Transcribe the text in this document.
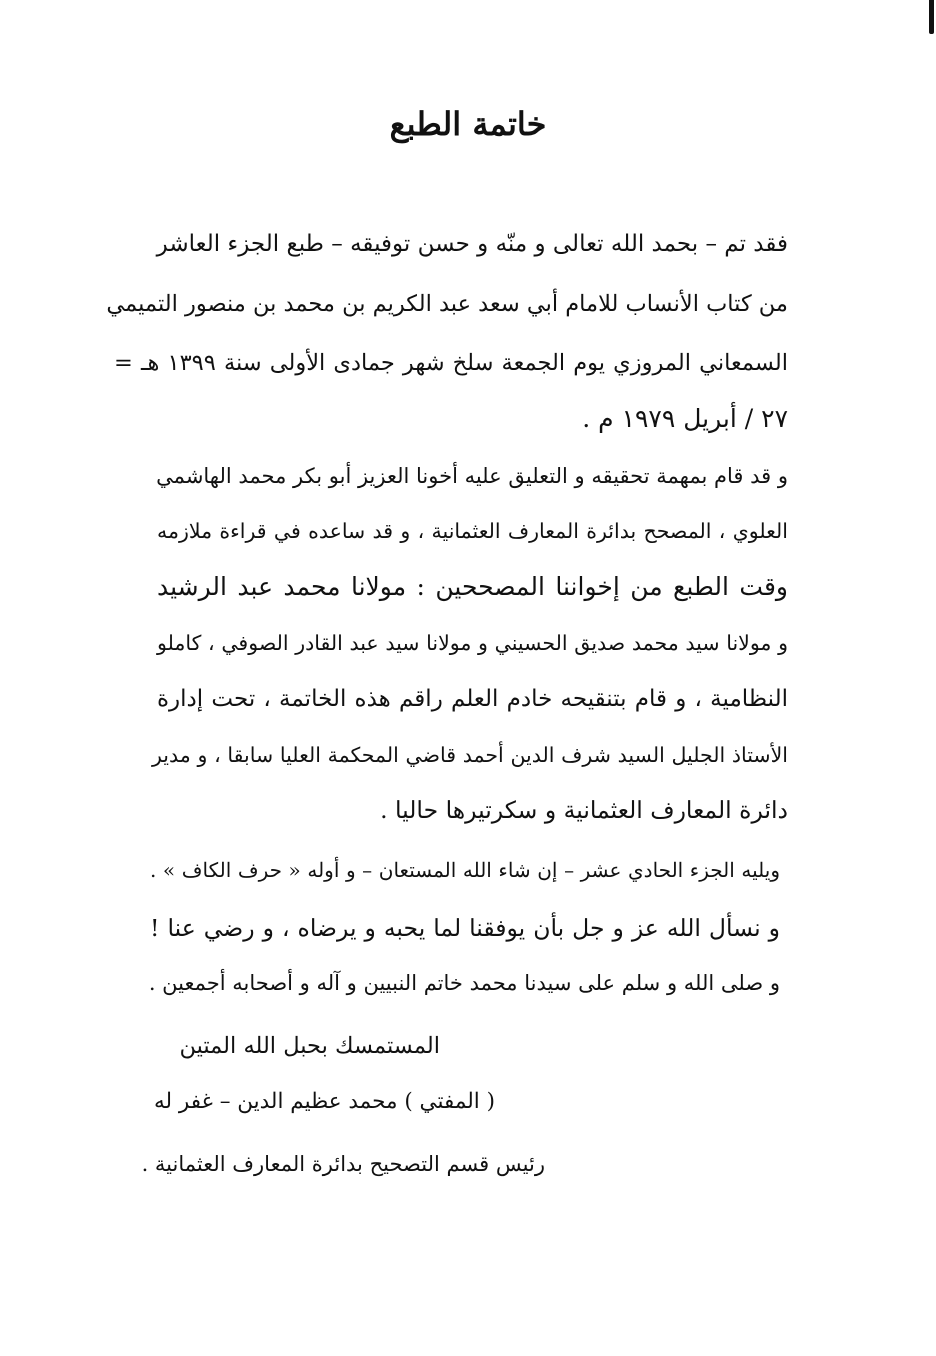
خاتمة الطبع
فقد تم – بحمد الله تعالى و منّه و حسن توفيقه – طبع الجزء العاشر
من كتاب الأنساب للامام أبي سعد عبد الكريم بن محمد بن منصور التميمي
السمعاني المروزي يوم الجمعة سلخ شهر جمادى الأولى سنة ١٣٩٩ هـ =
٢٧ / أبريل ١٩٧٩ م .
و قد قام بمهمة تحقيقه و التعليق عليه أخونا العزيز أبو بكر محمد الهاشمي
العلوي ، المصحح بدائرة المعارف العثمانية ، و قد ساعده في قراءة ملازمه
وقت الطبع من إخواننا المصححين : مولانا محمد عبد الرشيد
و مولانا سيد محمد صديق الحسيني و مولانا سيد عبد القادر الصوفي ، كاملو
النظامية ، و قام بتنقيحه خادم العلم راقم هذه الخاتمة ، تحت إدارة
الأستاذ الجليل السيد شرف الدين أحمد قاضي المحكمة العليا سابقا ، و مدير
دائرة المعارف العثمانية و سكرتيرها حاليا .
ويليه الجزء الحادي عشر – إن شاء الله المستعان – و أوله « حرف الكاف » .
و نسأل الله عز و جل بأن يوفقنا لما يحبه و يرضاه ، و رضي عنا !
و صلى الله و سلم على سيدنا محمد خاتم النبيين و آله و أصحابه أجمعين .
المستمسك بحبل الله المتين
( المفتي ) محمد عظيم الدين – غفر له
رئيس قسم التصحيح بدائرة المعارف العثمانية .
